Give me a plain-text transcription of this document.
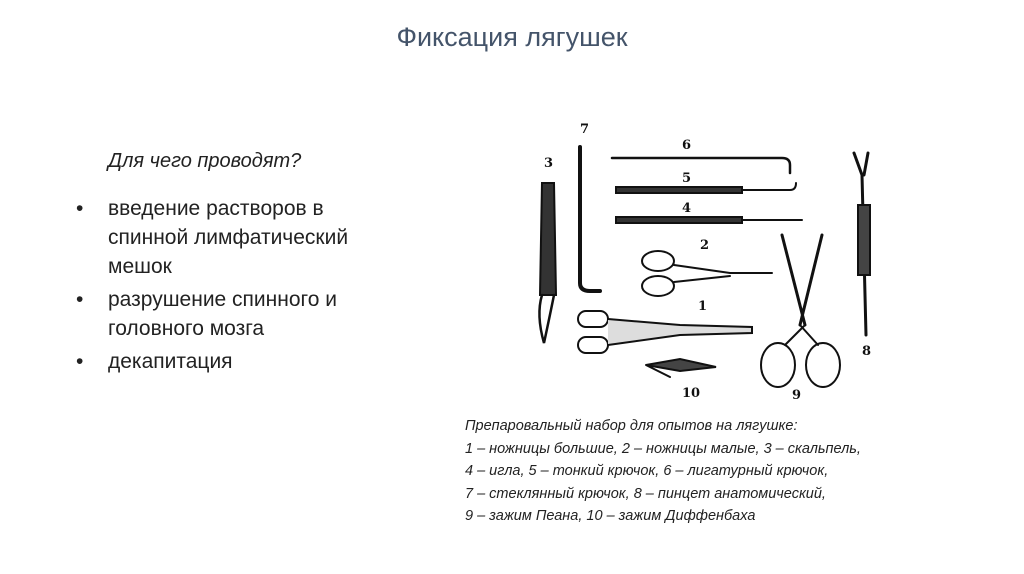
Фиксация лягушек
Для чего проводят?
• введение растворов в спинной лимфатический мешок
• разрушение спинного и головного мозга
• декапитация
1
2
3
4
5
6
7
8
9
10
Препаровальный набор для опытов на лягушке:
1 – ножницы большие, 2 – ножницы малые, 3 – скальпель,
4 – игла, 5 – тонкий крючок, 6 – лигатурный крючок,
7 – стеклянный крючок, 8 – пинцет анатомический,
9 – зажим Пеана, 10 – зажим Диффенбаха
